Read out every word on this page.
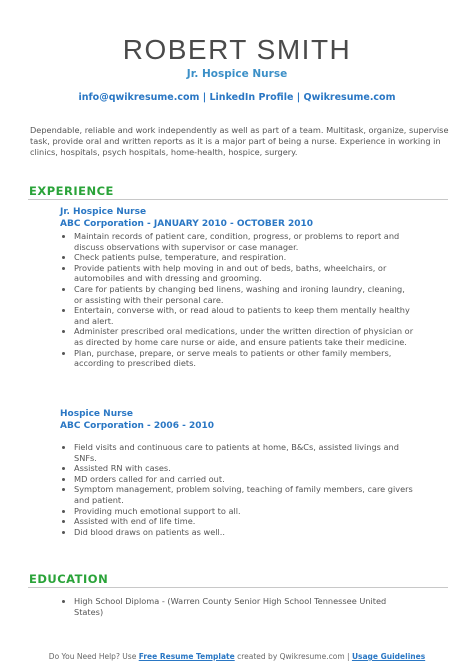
ROBERT SMITH
Jr. Hospice Nurse
info@qwikresume.com | LinkedIn Profile | Qwikresume.com
Dependable, reliable and work independently as well as part of a team. Multitask, organize, supervise task, provide oral and written reports as it is a major part of being a nurse. Experience in working in clinics, hospitals, psych hospitals, home-health, hospice, surgery.
EXPERIENCE
Jr. Hospice Nurse
ABC Corporation - JANUARY 2010 - OCTOBER 2010
• Maintain records of patient care, condition, progress, or problems to report and discuss observations with supervisor or case manager.
• Check patients pulse, temperature, and respiration.
• Provide patients with help moving in and out of beds, baths, wheelchairs, or automobiles and with dressing and grooming.
• Care for patients by changing bed linens, washing and ironing laundry, cleaning, or assisting with their personal care.
• Entertain, converse with, or read aloud to patients to keep them mentally healthy and alert.
• Administer prescribed oral medications, under the written direction of physician or as directed by home care nurse or aide, and ensure patients take their medicine.
• Plan, purchase, prepare, or serve meals to patients or other family members, according to prescribed diets.
Hospice Nurse
ABC Corporation - 2006 - 2010
• Field visits and continuous care to patients at home, B&Cs, assisted livings and SNFs.
• Assisted RN with cases.
• MD orders called for and carried out.
• Symptom management, problem solving, teaching of family members, care givers and patient.
• Providing much emotional support to all.
• Assisted with end of life time.
• Did blood draws on patients as well..
EDUCATION
• High School Diploma - (Warren County Senior High School Tennessee United States)
Do You Need Help? Use Free Resume Template created by Qwikresume.com | Usage Guidelines
